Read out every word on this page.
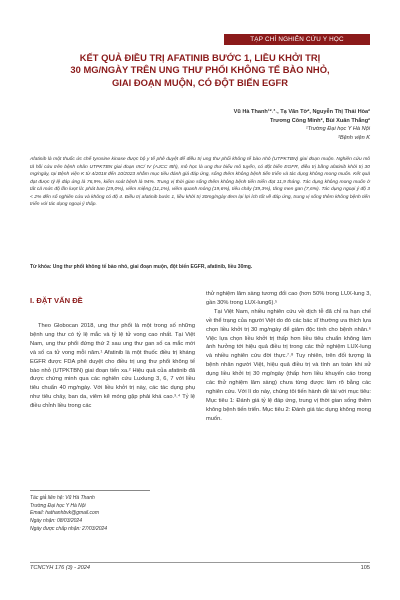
TẠP CHÍ NGHIÊN CỨU Y HỌC
KẾT QUẢ ĐIỀU TRỊ AFATINIB BƯỚC 1, LIỀU KHỞI TRỊ
30 MG/NGÀY TRÊN UNG THƯ PHỔI KHÔNG TẾ BÀO NHỎ,
GIAI ĐOẠN MUỘN, CÓ ĐỘT BIẾN EGFR
Vũ Hà Thanh¹²˒³˒, Tạ Văn Tờ², Nguyễn Thị Thái Hòa²
Trương Công Minh², Bùi Xuân Thắng²
¹Trường Đại học Y Hà Nội
²Bệnh viện K
Afatinib là một thuốc ức chế tyrosine kinase được bộ y tế phê duyệt để điều trị ung thư phổi không tế bào nhỏ (UTPKTBN) giai đoạn muộn. Nghiên cứu mô tả hồi cứu trên bệnh nhân UTPKTBN giai đoạn IIIC/ IV (AJCC 8th), mô học là ung thư biểu mô tuyến, có đột biến EGFR, điều trị bằng afatinib khởi trị 30 mg/ngày, tại Bệnh viện K từ 4/2018 đến 10/2023 nhằm mục tiêu đánh giá đáp ứng, sống thêm không bệnh tiến triển và tác dụng không mong muốn. Kết quả đạt được tỷ lệ đáp ứng là 76,9%, kiểm soát bệnh là 94%. Trung vị thời gian sống thêm không bệnh tiến triển đạt 11,9 tháng. Tác dụng không mong muốn ở tất cả mức độ lần lượt là: phát ban (29,0%), viêm miệng (11,1%), viêm quanh móng (19,6%), tiêu chảy (39,3%), tăng men gan (7,6%). Tác dụng ngoại ý độ 3 < 2% đến số nghiên cứu và không có độ 4. Điều trị afatinib bước 1, liều khởi trị 30mg/ngày đem lại lợi ích tốt về đáp ứng, trung vị sống thêm không bệnh tiến triển với tác dụng ngoại ý thấp.
Từ khóa: Ung thư phổi không tế bào nhỏ, giai đoạn muộn, đột biến EGFR, afatinib, liều 30mg.
I. ĐẶT VẤN ĐỀ

Theo Globocan 2018, ung thư phổi là một trong số những bệnh ung thư có tỷ lệ mắc và tỷ lệ tử vong cao nhất. Tại Việt Nam, ung thư phổi đứng thứ 2 sau ung thư gan số ca mắc mới và số ca tử vong mỗi năm.¹ Afatinib là một thuốc điều trị kháng EGFR được FDA phê duyệt cho điều trị ung thư phổi không tế bào nhỏ (UTPKTBN) giai đoạn tiến xa.² Hiệu quả của afatinib đã được chứng minh qua các nghiên cứu Luxlung 3, 6, 7 với liều tiêu chuẩn 40 mg/ngày. Với liều khởi trị này, các tác dụng phụ như tiêu chảy, ban da, viêm kẽ móng gặp phải khá cao.³˒⁴ Tỷ lệ điều chỉnh liều trong các

thử nghiệm lâm sàng tương đối cao (hơn 50% trong LUX-lung 3, gần 30% trong LUX-lung6).⁵

Tại Việt Nam, nhiều nghiên cứu về dịch tễ đã chỉ ra hạn chế về thể trạng của người Việt do đó các bác sĩ thường ưa thích lựa chọn liều khởi trị 30 mg/ngày để giảm độc tính cho bệnh nhân.⁶ Việc lựa chọn liều khởi trị thấp hơn liều tiêu chuẩn không làm ảnh hưởng tới hiệu quả điều trị trong các thử nghiệm LUX-lung và nhiều nghiên cứu đời thực.⁷˒⁸ Tuy nhiên, trên đối tượng là bệnh nhân người Việt, hiệu quả điều trị và tính an toàn khi sử dụng liều khởi trị 30 mg/ngày (thấp hơn liều khuyến cáo trong các thử nghiệm lâm sàng) chưa từng được làm rõ bằng các nghiên cứu. Với lí do này, chúng tôi tiến hành đề tài với mục tiêu: Mục tiêu 1: Đánh giá tỷ lệ đáp ứng, trung vị thời gian sống thêm không bệnh tiến triển. Mục tiêu 2: Đánh giá tác dụng không mong muốn.

Tác giả liên hệ: Vũ Hà Thanh
Trường Đại học Y Hà Nội
Email: hathanhbvk@gmail.com
Ngày nhận: 08/03/2024
Ngày được chấp nhận: 27/03/2024
TCNCYH 176 (3) - 2024	105
